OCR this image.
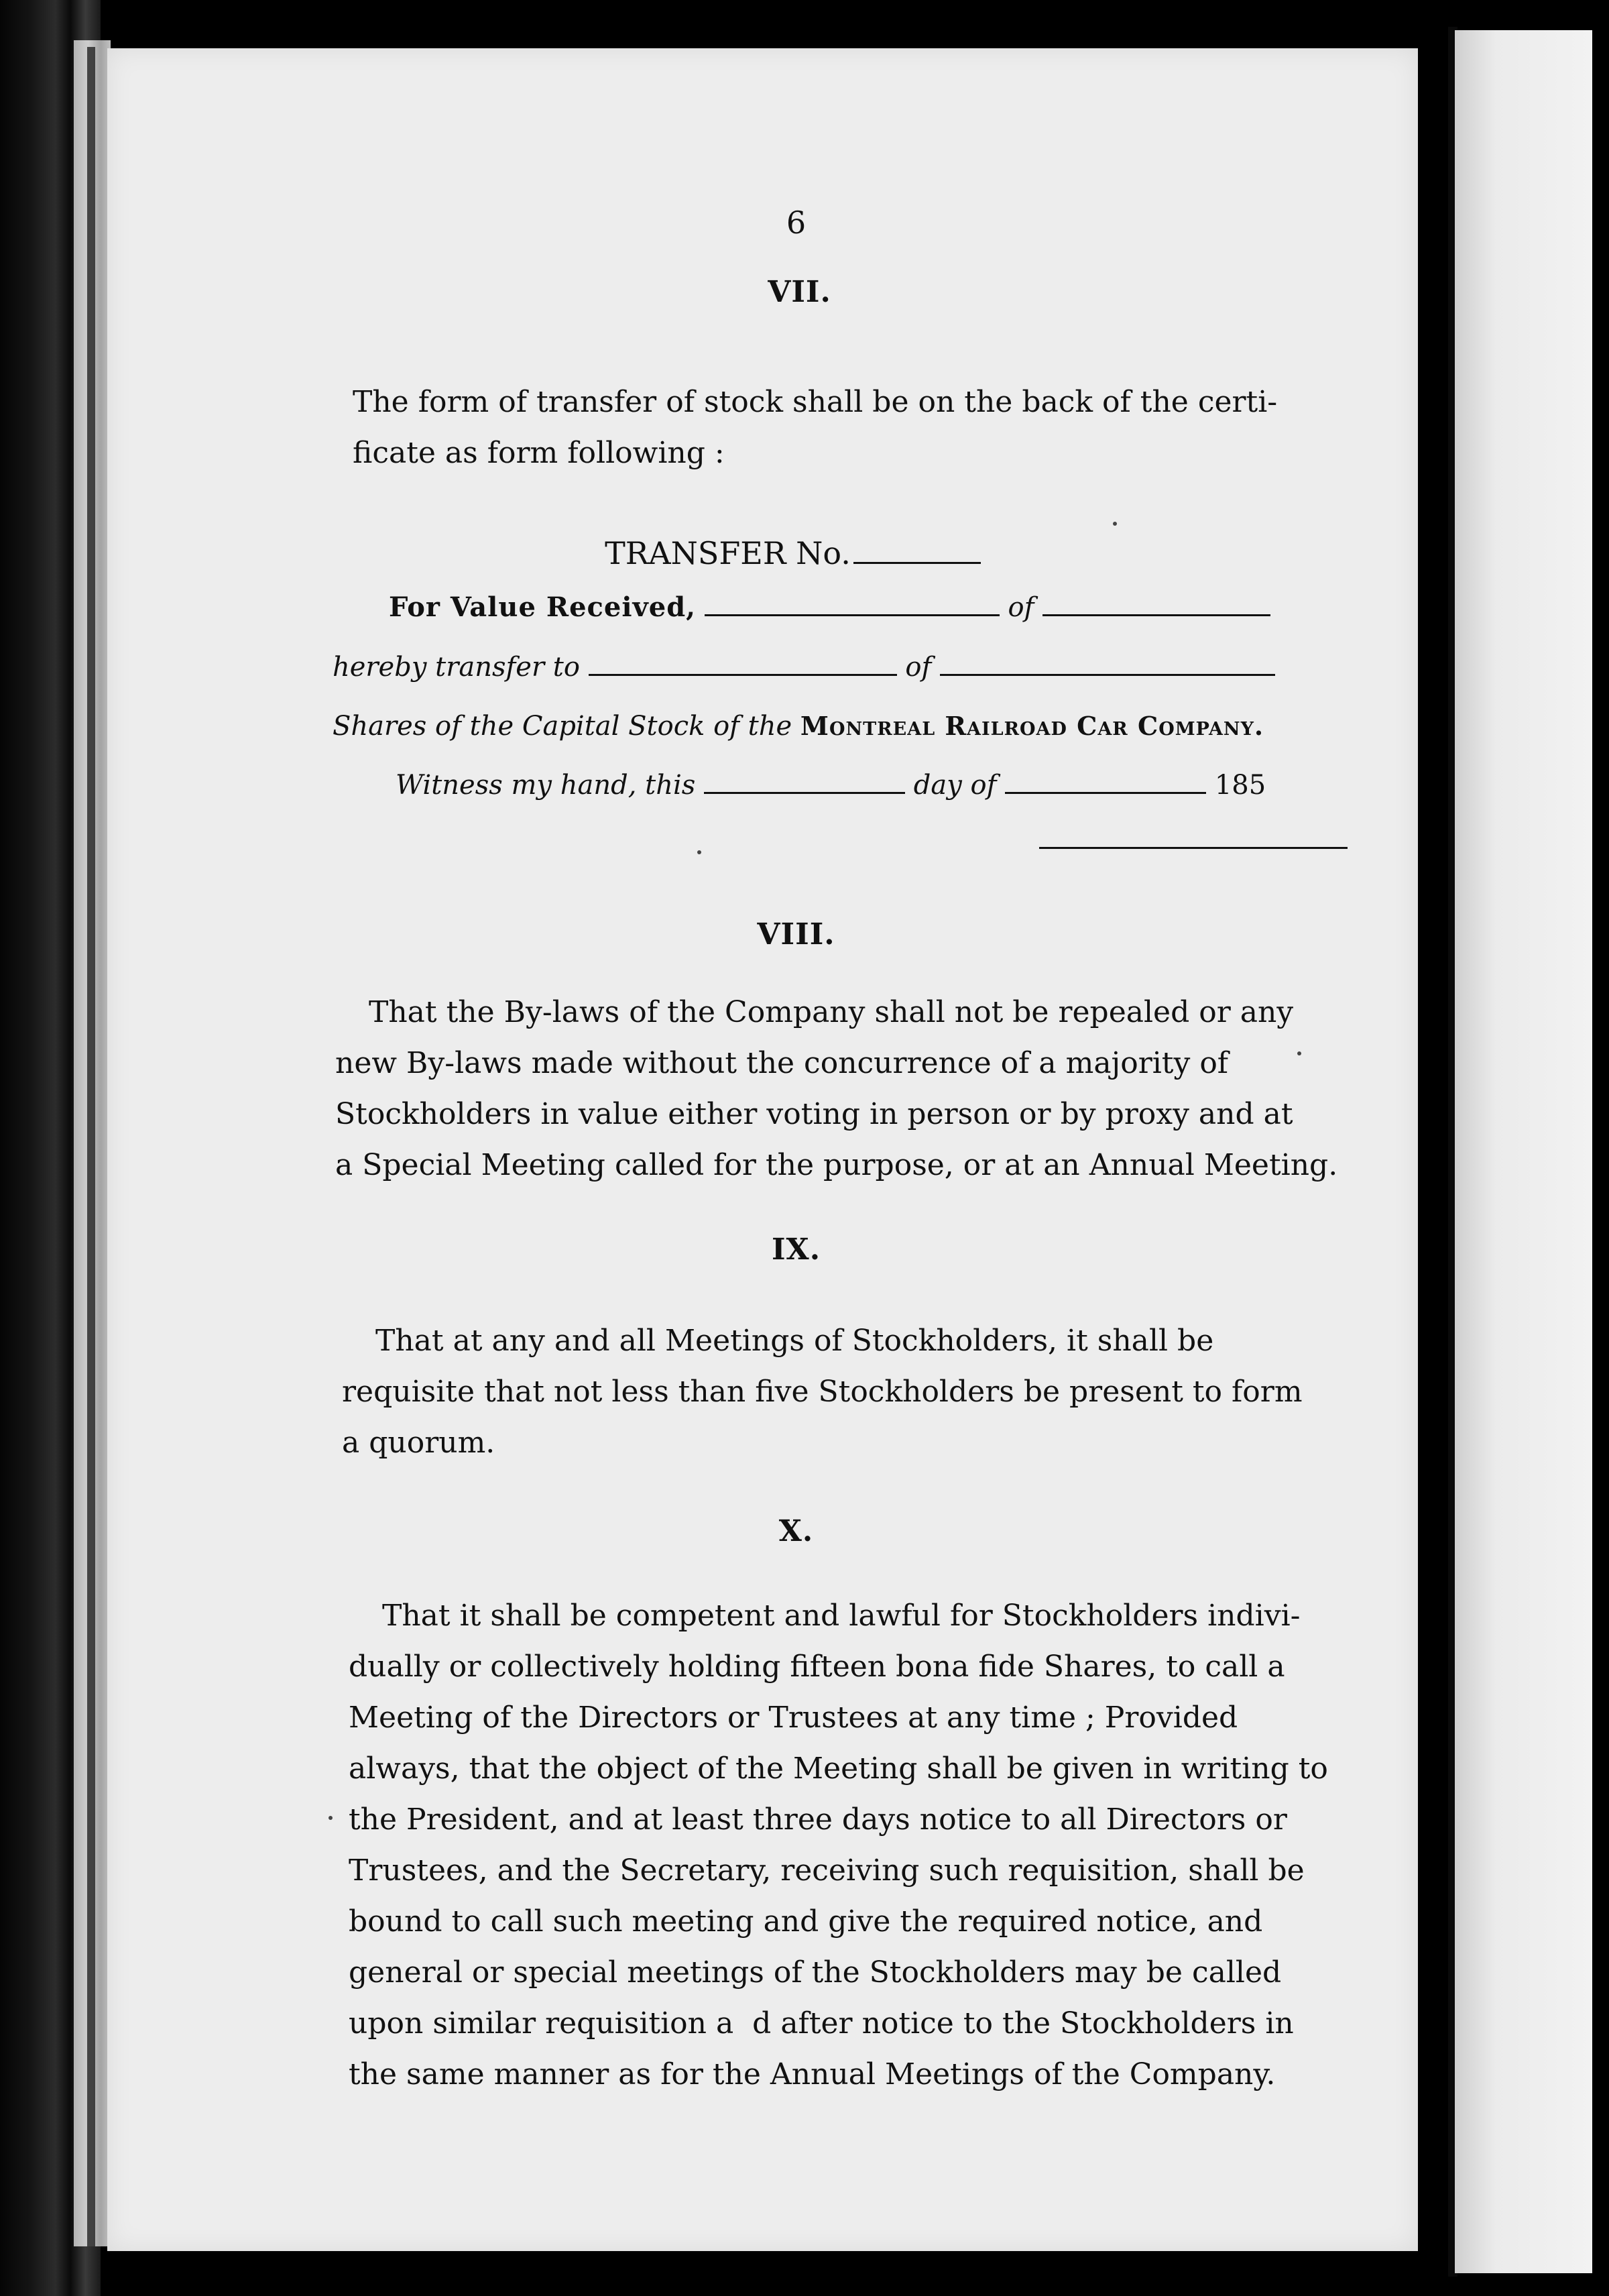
6
VII.
The form of transfer of stock shall be on the back of the certi-
ficate as form following :
TRANSFER No.
For Value Received,	of
hereby transfer to	of
Shares of the Capital Stock of the Montreal Railroad Car Company.
Witness my hand, this	day of	185
VIII.
That the By-laws of the Company shall not be repealed or any
new By-laws made without the concurrence of a majority of
Stockholders in value either voting in person or by proxy and at
a Special Meeting called for the purpose, or at an Annual Meeting.
IX.
That at any and all Meetings of Stockholders, it shall be
requisite that not less than five Stockholders be present to form
a quorum.
X.
That it shall be competent and lawful for Stockholders indivi-
dually or collectively holding fifteen bona fide Shares, to call a
Meeting of the Directors or Trustees at any time ; Provided
always, that the object of the Meeting shall be given in writing to
the President, and at least three days notice to all Directors or
Trustees, and the Secretary, receiving such requisition, shall be
bound to call such meeting and give the required notice, and
general or special meetings of the Stockholders may be called
upon similar requisition a  d after notice to the Stockholders in
the same manner as for the Annual Meetings of the Company.
